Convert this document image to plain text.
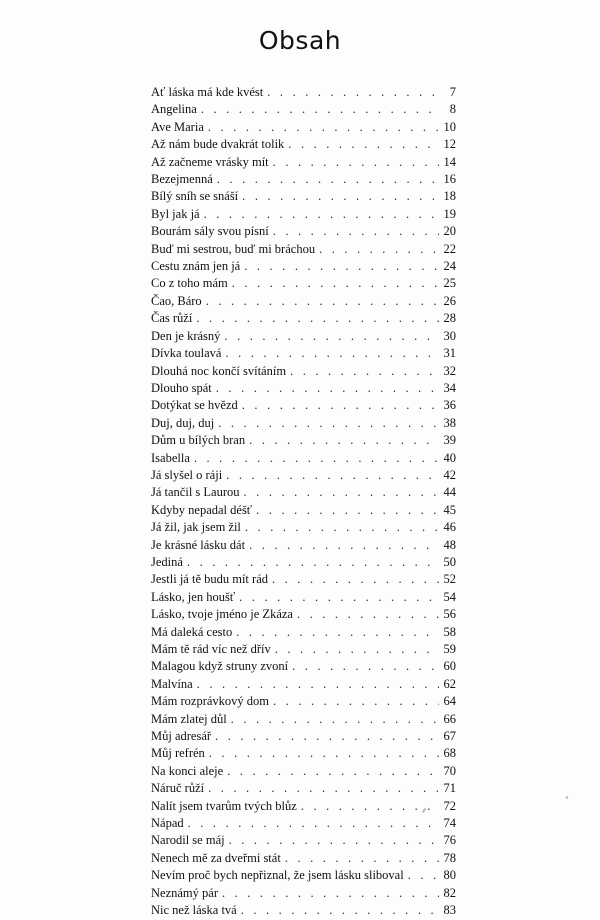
Obsah
Ať láska má kde kvést . . .	7
Angelina . . .	8
Ave Maria . . .	10
Až nám bude dvakrát tolik . . .	12
Až začneme vrásky mít . . .	14
Bezejmenná . . .	16
Bílý sníh se snáší . . .	18
Byl jak já . . .	19
Bourám sály svou písní . . .	20
Buď mi sestrou, buď mi bráchou . . .	22
Cestu znám jen já . . .	24
Co z toho mám . . .	25
Čao, Báro . . .	26
Čas růží . . .	28
Den je krásný . . .	30
Dívka toulavá . . .	31
Dlouhá noc končí svítáním . . .	32
Dlouho spát . . .	34
Dotýkat se hvězd . . .	36
Duj, duj, duj . . .	38
Dům u bílých bran . . .	39
Isabella . . .	40
Já slyšel o ráji . . .	42
Já tančil s Laurou . . .	44
Kdyby nepadal déšť . . .	45
Já žil, jak jsem žil . . .	46
Je krásné lásku dát . . .	48
Jediná . . .	50
Jestli já tě budu mít rád . . .	52
Lásko, jen houšť . . .	54
Lásko, tvoje jméno je Zkáza . . .	56
Má daleká cesto . . .	58
Mám tě rád víc než dřív . . .	59
Malagou když struny zvoní . . .	60
Malvína . . .	62
Mám rozprávkový dom . . .	64
Mám zlatej důl . . .	66
Můj adresář . . .	67
Můj refrén . . .	68
Na konci aleje . . .	70
Náruč růží . . .	71
Nalít jsem tvarům tvých blůz . . .	72
Nápad . . .	74
Narodil se máj . . .	76
Nenech mě za dveřmi stát . . .	78
Nevím proč bych nepřiznal, že jsem lásku sliboval . . .	80
Neznámý pár . . .	82
Nic než láska tvá . . .	83
